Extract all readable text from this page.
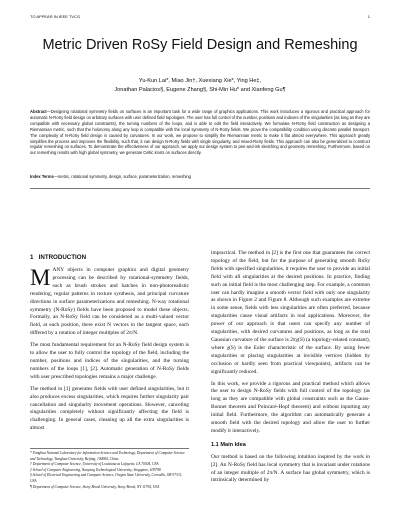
TO APPEAR IN IEEE TVCG	1
Metric Driven RoSy Field Design and Remeshing
Yu-Kun Lai*, Miao Jin†, Xuexiang Xie*, Ying He‡,
Jonathan Palacios§, Eugene Zhang§, Shi-Min Hu* and Xianfeng Gu¶
Abstract—Designing rotational symmetry fields on surfaces is an important task for a wide range of graphics applications. This work introduces a rigorous and practical approach for automatic N-RoSy field design on arbitrary surfaces with user defined field topologies. The user has full control of the number, positions and indexes of the singularities (as long as they are compatible with necessary global constraints), the turning numbers of the loops, and is able to edit the field interactively. We formulate N-RoSy field construction as designing a Riemannian metric, such that the holonomy along any loop is compatible with the local symmetry of N-RoSy fields. We prove the compatibility condition using discrete parallel transport. The complexity of N-RoSy field design is caused by curvatures. In our work, we propose to simplify the Riemannian metric to make it flat almost everywhere. This approach greatly simplifies the process and improves the flexibility, such that, it can design N-RoSy fields with single singularity, and mixed-RoSy fields. This approach can also be generalized to construct regular remeshing on surfaces. To demonstrate the effectiveness of our approach, we apply our design system to pen-and-ink sketching and geometry remeshing. Furthermore, based on our remeshing results with high global symmetry, we generate Celtic knots on surfaces directly.
Index Terms—metric, rotational symmetry, design, surface, parameterization, remeshing
1 INTRODUCTION

MANY objects in computer graphics and digital geometry processing can be described by rotational-symmetry fields, such as brush strokes and hatches in non-photorealistic rendering, regular patterns in texture synthesis, and principal curvature directions in surface parameterizations and remeshing. N-way rotational symmetry (N-RoSy) fields have been proposed to model these objects. Formally, an N-RoSy field can be considered as a multi-valued vector field, at each position, there exist N vectors in the tangent space, each differed by a rotation of integer multiples of 2π/N.

The most fundamental requirement for an N-RoSy field design system is to allow the user to fully control the topology of the field, including the number, positions and indices of the singularities, and the turning numbers of the loops [1], [2]. Automatic generation of N-RoSy fields with user prescribed topologies remains a major challenge.

The method in [1] generates fields with user defined singularities, but it also produces excess singularities, which requires further singularity pair cancellation and singularity movement operations. However, canceling singularities completely without significantly affecting the field is challenging. In general cases, cleaning up all the extra singularities is almost

* Tsinghua National Laboratory for Information Science and Technology, Department of Computer Science and Technology, Tsinghua University, Beijing, 100084, China
† Department of Computer Science, University of Louisiana at Lafayette, LA 70504, USA
‡ School of Computer Engineering, Nanyang Technological University, Singapore, 639798
§ School of Electrical Engineering and Computer Science, Oregon State University, Corvallis, OR 97331, USA
¶ Department of Computer Science, Stony Brook University, Stony Brook, NY 11794, USA

impractical. The method in [2] is the first one that guarantees the correct topology of the field, but for the purpose of generating smooth RoSy fields with specified singularities, it requires the user to provide an initial field with all singularities at the desired positions. In practice, finding such an initial field is the most challenging step. For example, a common user can hardly imagine a smooth vector field with only one singularity as shown in Figure 2 and Figure 8. Although such examples are extreme in some sense, fields with less singularities are often preferred, because singularities cause visual artifacts in real applications. Moreover, the power of our approach is that users can specify any number of singularities, with desired curvatures and positions, as long as the total Gaussian curvature of the surface is 2πχ(S) (a topology-related constant), where χ(S) is the Euler characteristic of the surface. By using fewer singularities or placing singularities at invisible vertices (hidden by occlusion or hardly seen from practical viewpoints), artifacts can be significantly reduced.

In this work, we provide a rigorous and practical method which allows the user to design N-RoSy fields with full control of the topology (as long as they are compatible with global constraints such as the Gauss-Bonnet theorem and Poincaré-Hopf theorem) and without inputting any initial field. Furthermore, the algorithm can automatically generate a smooth field with the desired topology and allow the user to further modify it interactively.

1.1 Main Idea

Our method is based on the following intuition inspired by the work in [2]. An N-RoSy field has local symmetry that is invariant under rotations of an integer multiple of 2π/N. A surface has global symmetry, which is intrinsically determined by
